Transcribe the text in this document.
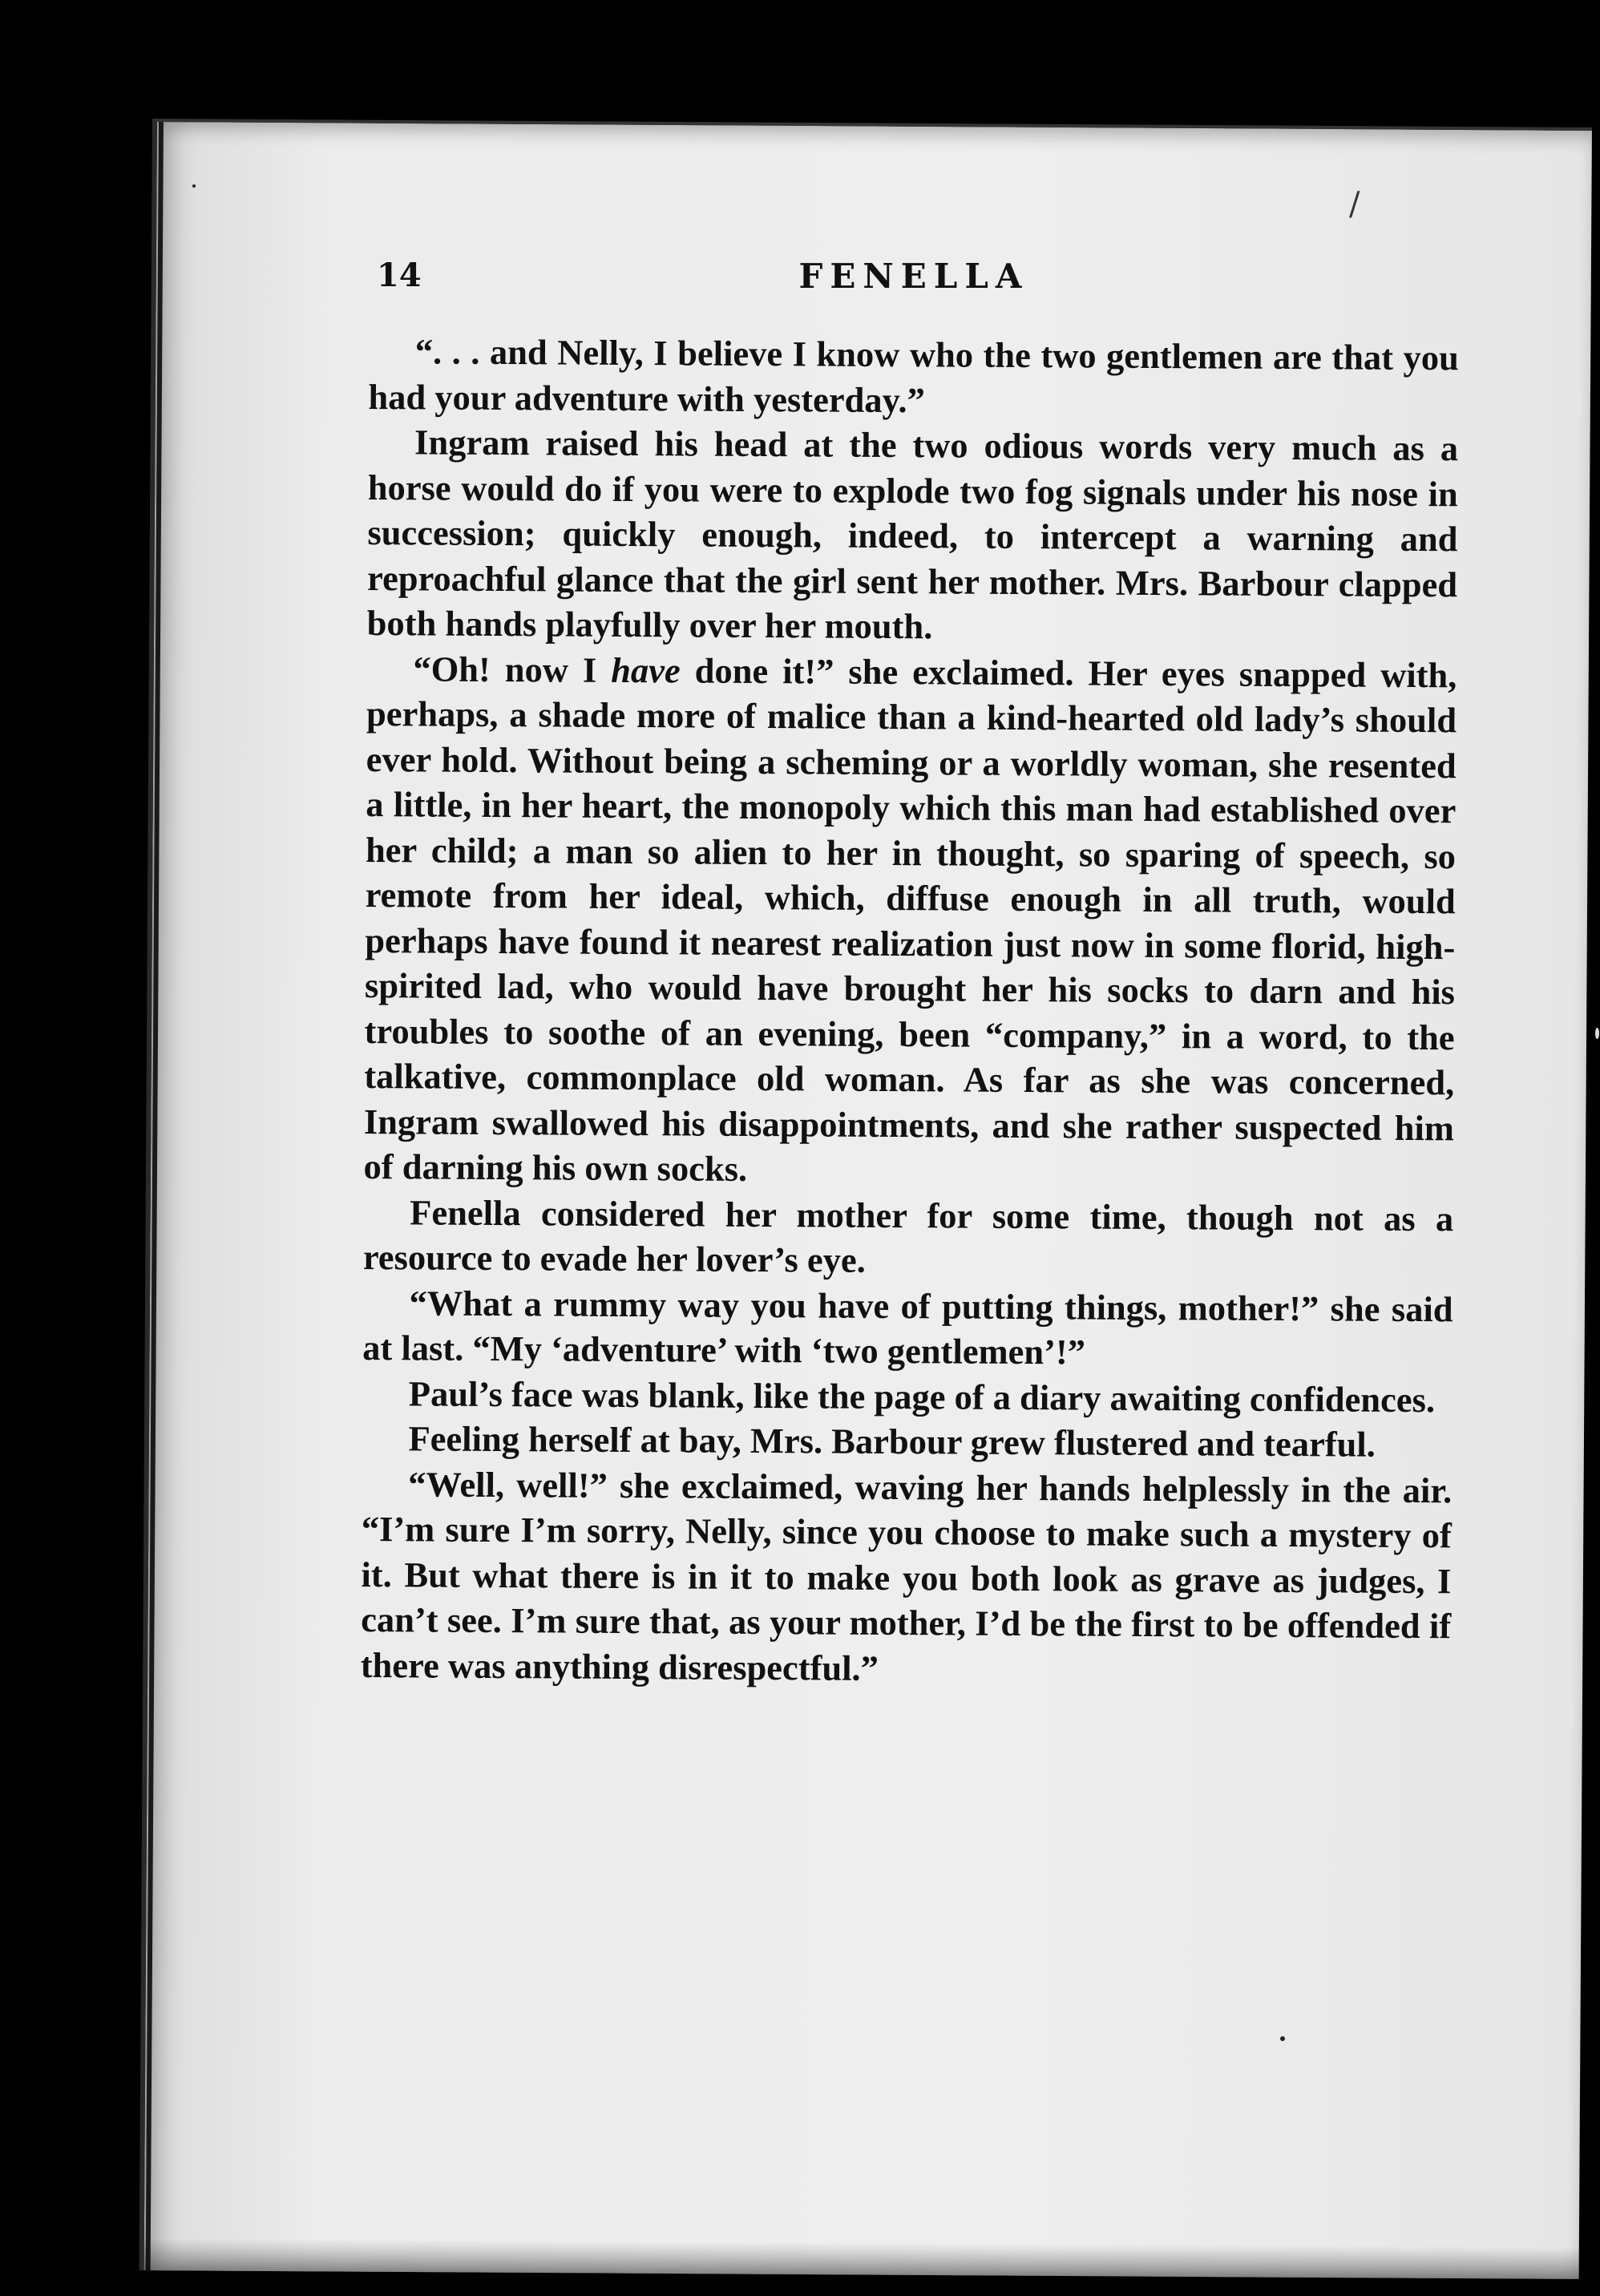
/
14	FENELLA

“. . . and Nelly, I believe I know who the two gentlemen are that you had your adventure with yesterday.”

Ingram raised his head at the two odious words very much as a horse would do if you were to explode two fog signals under his nose in succession; quickly enough, indeed, to intercept a warning and reproachful glance that the girl sent her mother. Mrs. Barbour clapped both hands playfully over her mouth.

“Oh! now I have done it!” she exclaimed. Her eyes snapped with, perhaps, a shade more of malice than a kind-hearted old lady’s should ever hold. Without being a scheming or a worldly woman, she resented a little, in her heart, the monopoly which this man had established over her child; a man so alien to her in thought, so sparing of speech, so remote from her ideal, which, diffuse enough in all truth, would perhaps have found it nearest realization just now in some florid, high-spirited lad, who would have brought her his socks to darn and his troubles to soothe of an evening, been “company,” in a word, to the talkative, commonplace old woman. As far as she was concerned, Ingram swallowed his disappointments, and she rather suspected him of darning his own socks.

Fenella considered her mother for some time, though not as a resource to evade her lover’s eye.

“What a rummy way you have of putting things, mother!” she said at last. “My ‘adventure’ with ‘two gentlemen’!”

Paul’s face was blank, like the page of a diary awaiting confidences.

Feeling herself at bay, Mrs. Barbour grew flustered and tearful.

“Well, well!” she exclaimed, waving her hands helplessly in the air. “I’m sure I’m sorry, Nelly, since you choose to make such a mystery of it. But what there is in it to make you both look as grave as judges, I can’t see. I’m sure that, as your mother, I’d be the first to be offended if there was anything disrespectful.”
